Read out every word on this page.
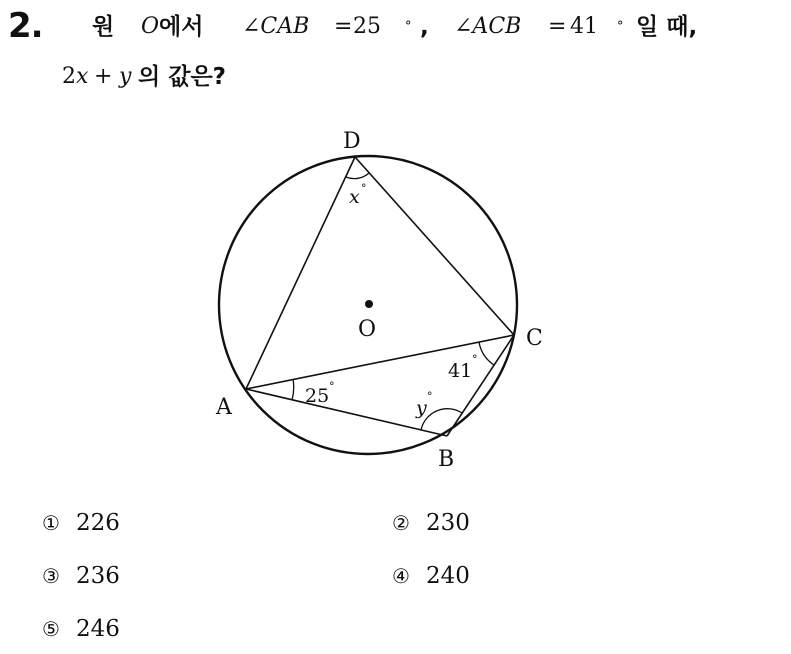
2. 원 O 에서 ∠CAB = 25 ° , ∠ACB = 41 ° 일 때,
2 x + y 의 값은?
D
C
A
B
O
x °
25 °
41
°
y
°
① 226	② 230
③ 236	④ 240
⑤ 246
